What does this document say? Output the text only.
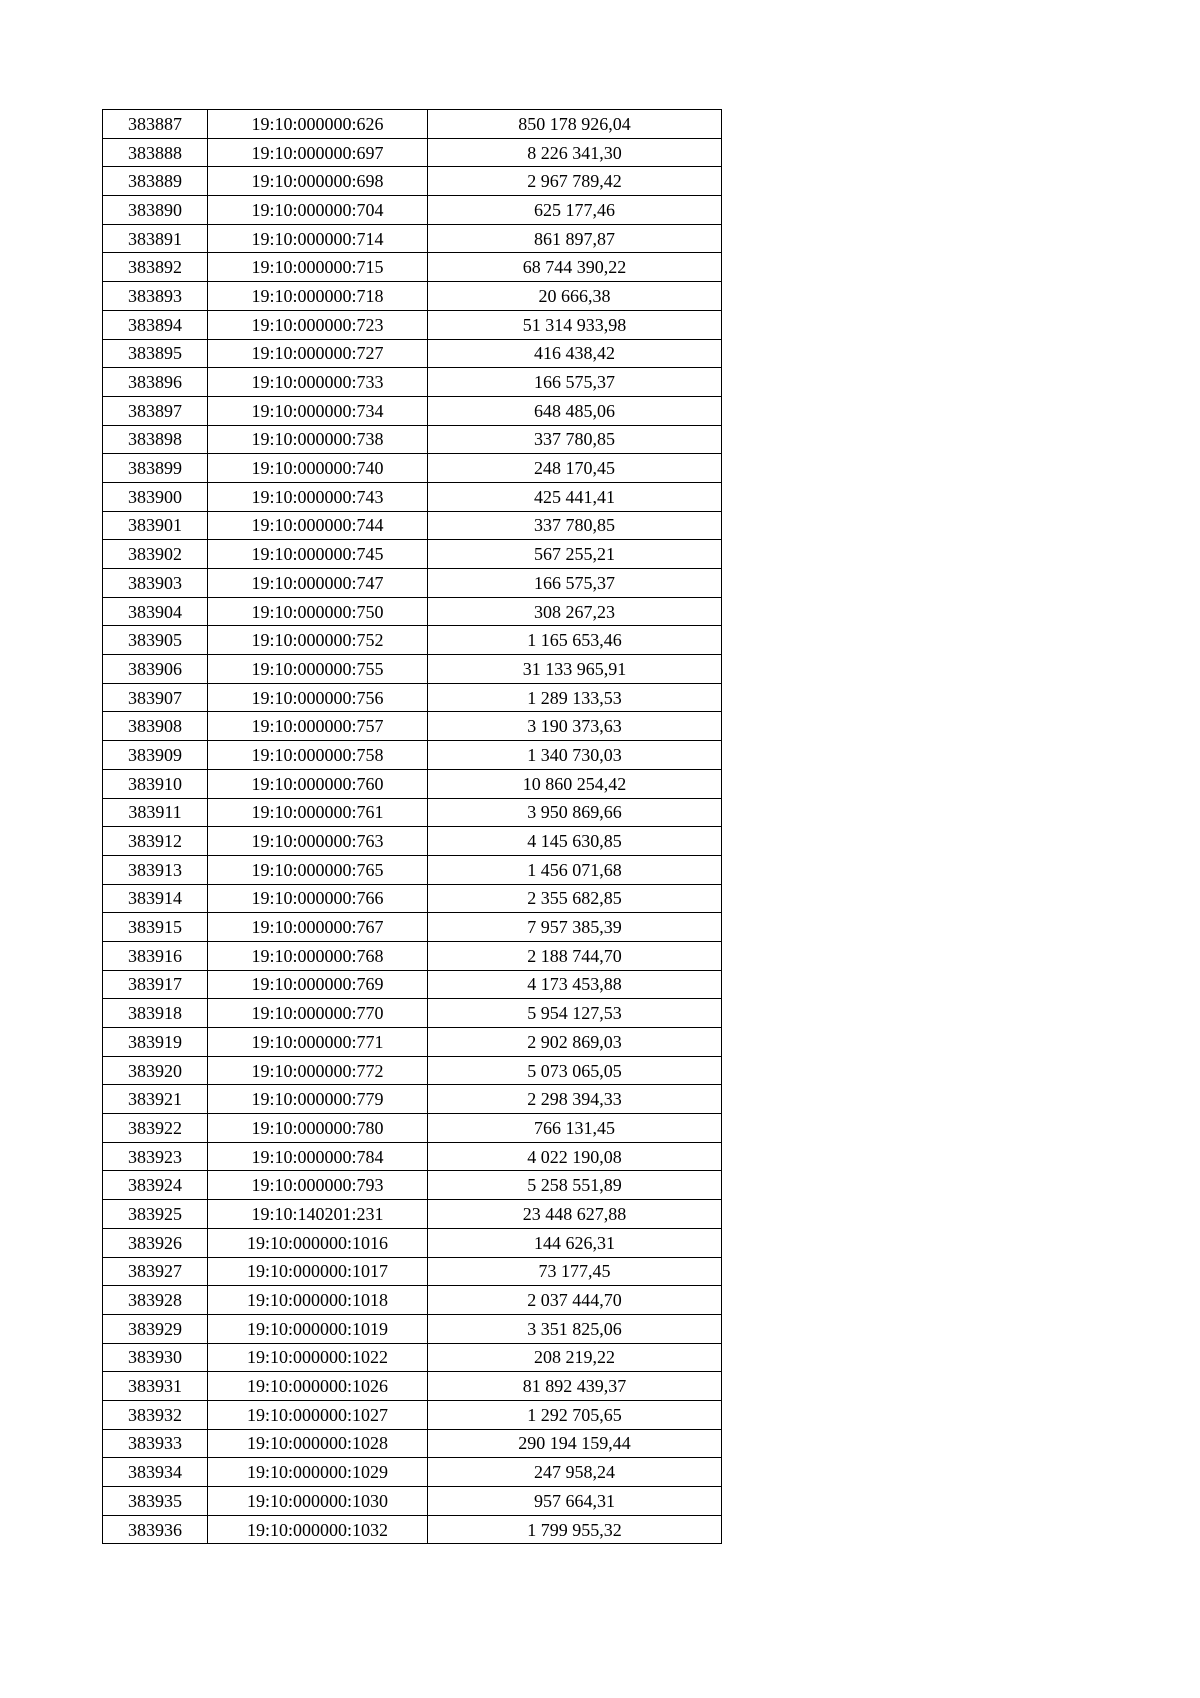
383887	19:10:000000:626	850 178 926,04
383888	19:10:000000:697	8 226 341,30
383889	19:10:000000:698	2 967 789,42
383890	19:10:000000:704	625 177,46
383891	19:10:000000:714	861 897,87
383892	19:10:000000:715	68 744 390,22
383893	19:10:000000:718	20 666,38
383894	19:10:000000:723	51 314 933,98
383895	19:10:000000:727	416 438,42
383896	19:10:000000:733	166 575,37
383897	19:10:000000:734	648 485,06
383898	19:10:000000:738	337 780,85
383899	19:10:000000:740	248 170,45
383900	19:10:000000:743	425 441,41
383901	19:10:000000:744	337 780,85
383902	19:10:000000:745	567 255,21
383903	19:10:000000:747	166 575,37
383904	19:10:000000:750	308 267,23
383905	19:10:000000:752	1 165 653,46
383906	19:10:000000:755	31 133 965,91
383907	19:10:000000:756	1 289 133,53
383908	19:10:000000:757	3 190 373,63
383909	19:10:000000:758	1 340 730,03
383910	19:10:000000:760	10 860 254,42
383911	19:10:000000:761	3 950 869,66
383912	19:10:000000:763	4 145 630,85
383913	19:10:000000:765	1 456 071,68
383914	19:10:000000:766	2 355 682,85
383915	19:10:000000:767	7 957 385,39
383916	19:10:000000:768	2 188 744,70
383917	19:10:000000:769	4 173 453,88
383918	19:10:000000:770	5 954 127,53
383919	19:10:000000:771	2 902 869,03
383920	19:10:000000:772	5 073 065,05
383921	19:10:000000:779	2 298 394,33
383922	19:10:000000:780	766 131,45
383923	19:10:000000:784	4 022 190,08
383924	19:10:000000:793	5 258 551,89
383925	19:10:140201:231	23 448 627,88
383926	19:10:000000:1016	144 626,31
383927	19:10:000000:1017	73 177,45
383928	19:10:000000:1018	2 037 444,70
383929	19:10:000000:1019	3 351 825,06
383930	19:10:000000:1022	208 219,22
383931	19:10:000000:1026	81 892 439,37
383932	19:10:000000:1027	1 292 705,65
383933	19:10:000000:1028	290 194 159,44
383934	19:10:000000:1029	247 958,24
383935	19:10:000000:1030	957 664,31
383936	19:10:000000:1032	1 799 955,32
